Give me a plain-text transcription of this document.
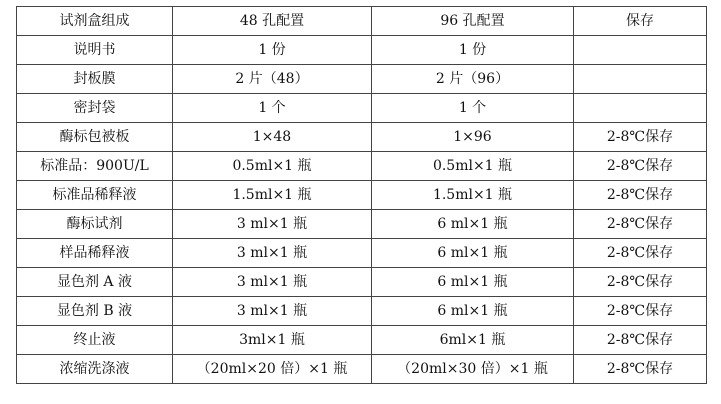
试剂盒组成	48 孔配置	96 孔配置	保存
说明书	1 份	1 份	
封板膜	2 片（48）	2 片（96）	
密封袋	1 个	1 个	
酶标包被板	1×48	1×96	2-8℃保存
标准品：900U/L	0.5ml×1 瓶	0.5ml×1 瓶	2-8℃保存
标准品稀释液	1.5ml×1 瓶	1.5ml×1 瓶	2-8℃保存
酶标试剂	3 ml×1 瓶	6 ml×1 瓶	2-8℃保存
样品稀释液	3 ml×1 瓶	6 ml×1 瓶	2-8℃保存
显色剂 A 液	3 ml×1 瓶	6 ml×1 瓶	2-8℃保存
显色剂 B 液	3 ml×1 瓶	6 ml×1 瓶	2-8℃保存
终止液	3ml×1 瓶	6ml×1 瓶	2-8℃保存
浓缩洗涤液	（20ml×20 倍）×1 瓶	（20ml×30 倍）×1 瓶	2-8℃保存
